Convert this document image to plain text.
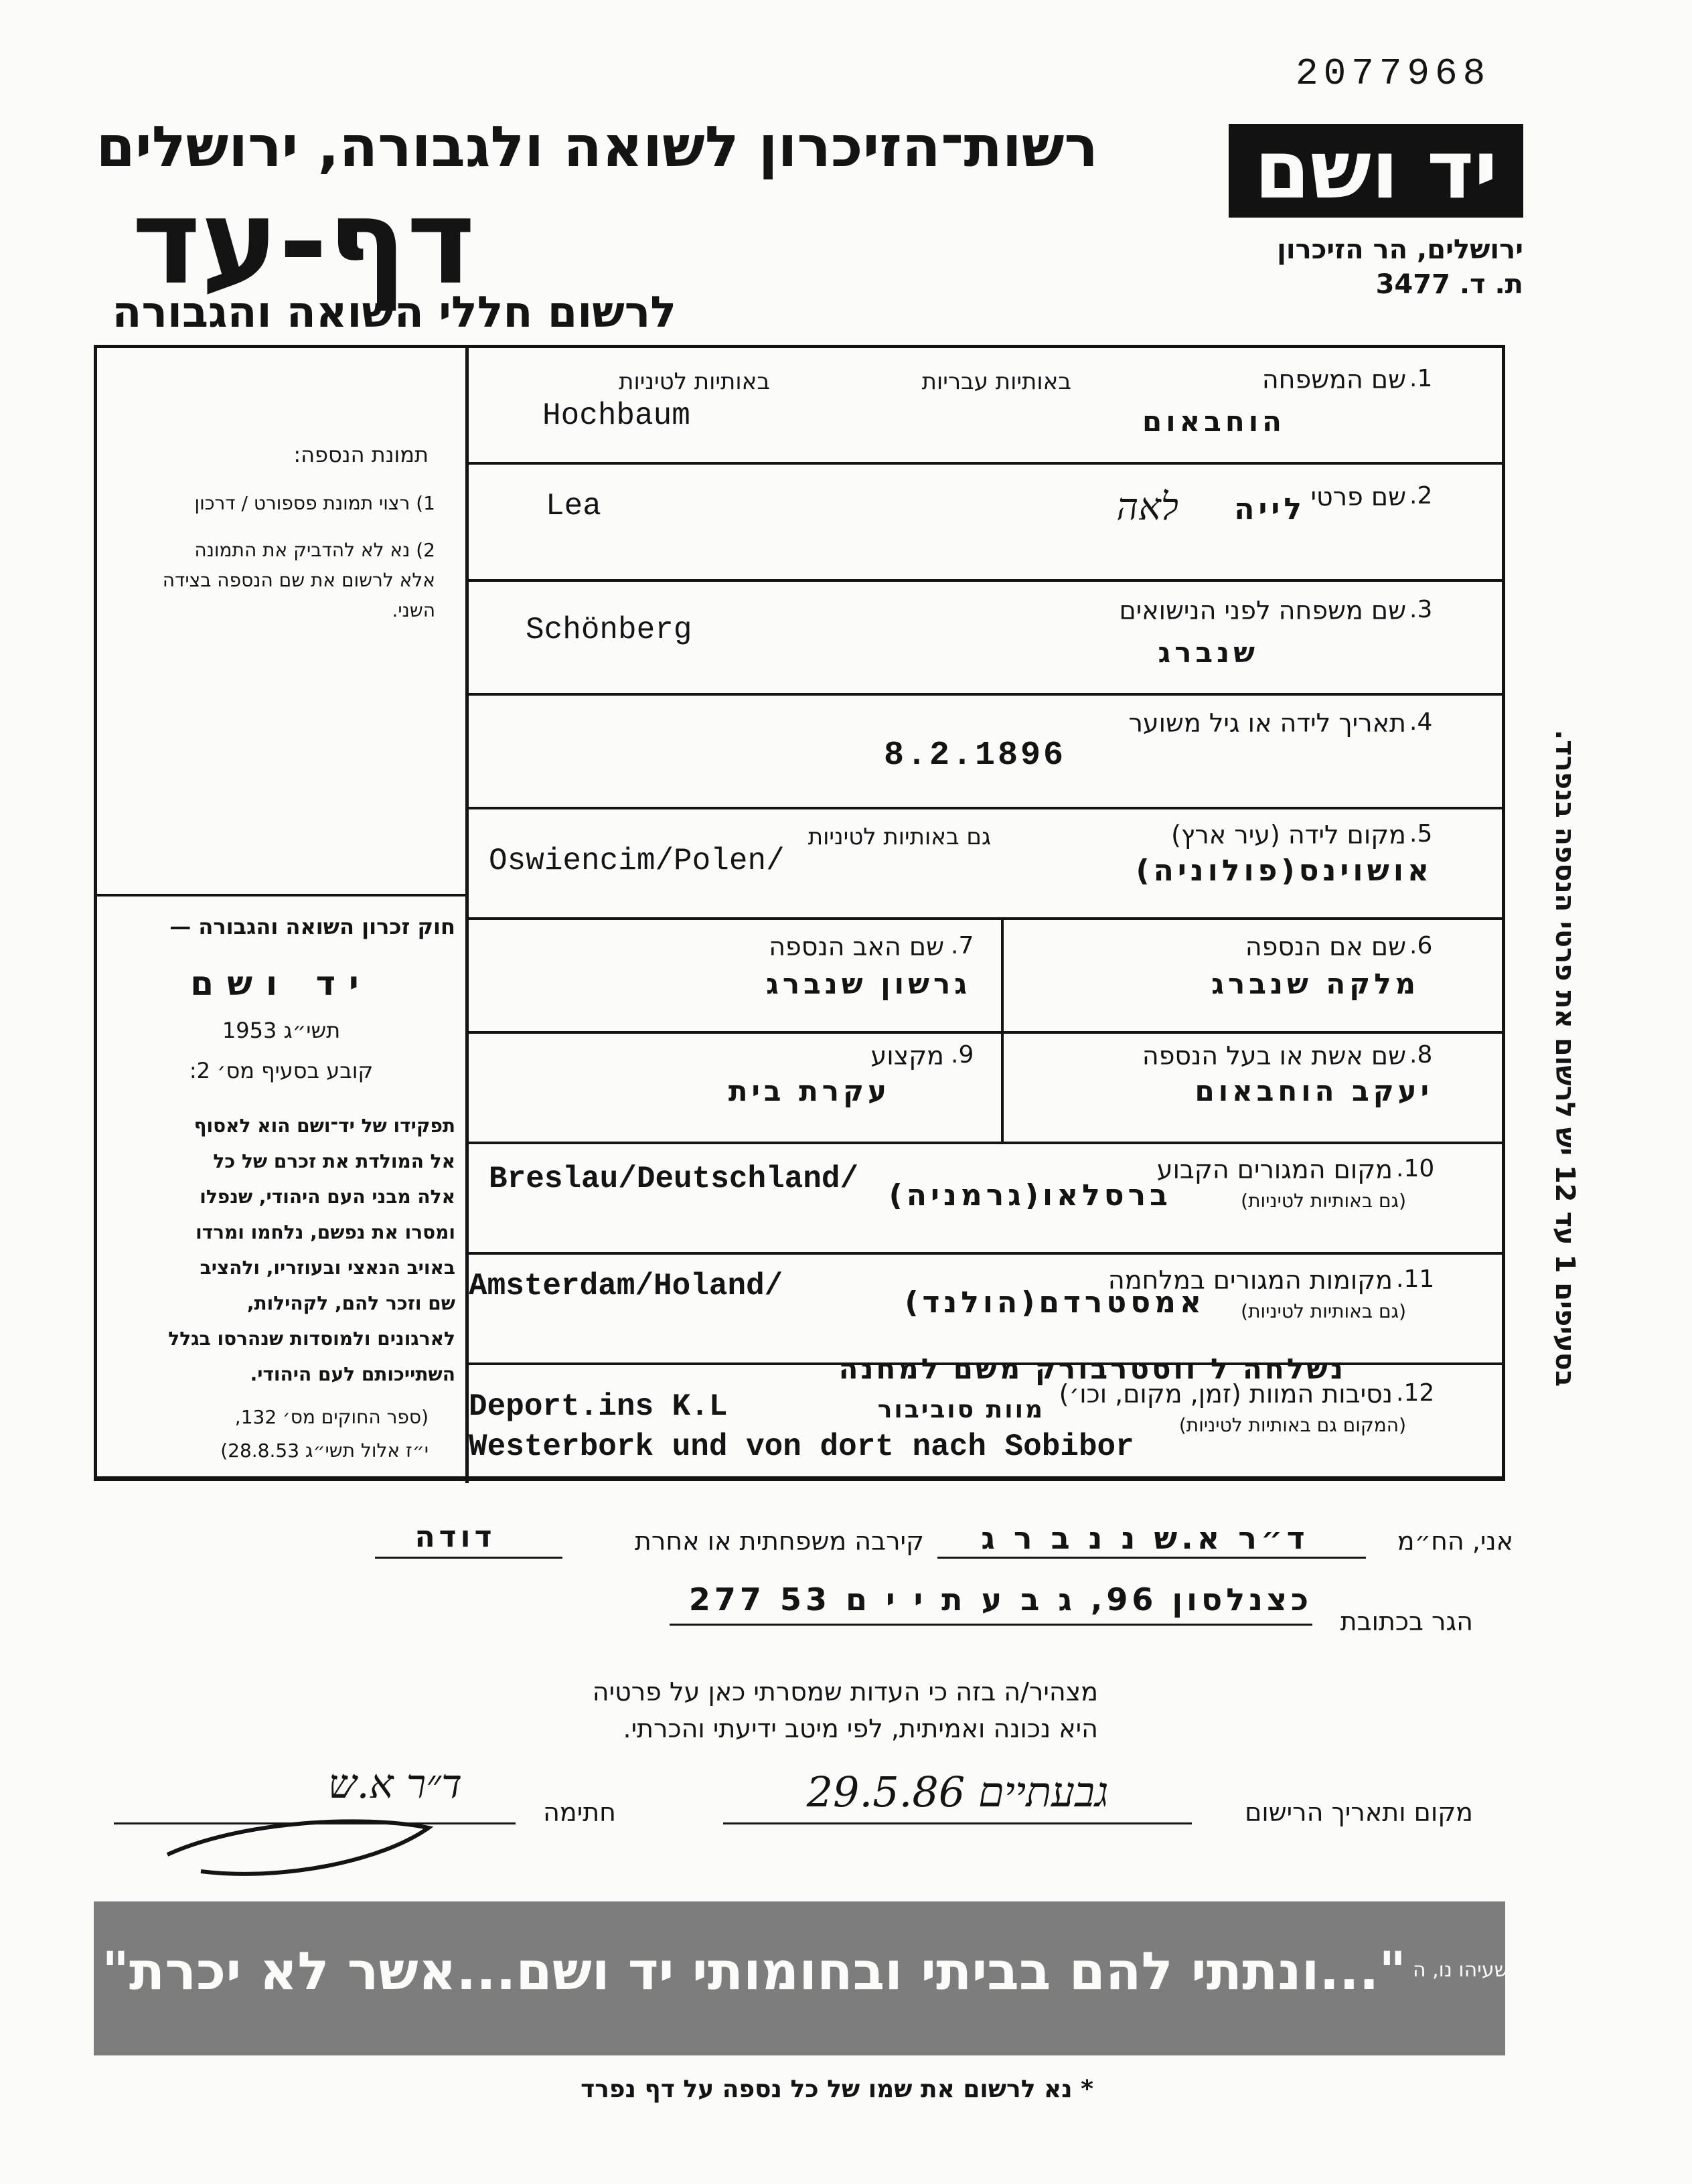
2077968
רשות־הזיכרון לשואה ולגבורה, ירושלים
דף-עד
לרשום חללי השואה והגבורה
יד ושם
ירושלים, הר הזיכרון
ת. ד. 3477
בסעיפים 1 עד 12 יש לרשום את פרטי הנספה בנפרד.
תמונת הנספה:
1) רצוי תמונת פספורט / דרכון
2) נא לא להדביק את התמונה
אלא לרשום את שם הנספה בצידה
השני.
חוק זכרון השואה והגבורה —
יד ושם
תשי״ג 1953
קובע בסעיף מס׳ 2:
תפקידו של יד־ושם הוא לאסוף
אל המולדת את זכרם של כל
אלה מבני העם היהודי, שנפלו
ומסרו את נפשם, נלחמו ומרדו
באויב הנאצי ובעוזריו, ולהציב
שם וזכר להם, לקהילות,
לארגונים ולמוסדות שנהרסו בגלל
השתייכותם לעם היהודי.
(ספר החוקים מס׳ 132,
י״ז אלול תשי״ג 28.8.53)
.1
שם המשפחה
באותיות עבריות
באותיות לטיניות
הוחבאום
Hochbaum
.2
שם פרטי
לייה
לאה
Lea
.3
שם משפחה לפני הנישואים
שנברג
Schönberg
.4
תאריך לידה או גיל משוער
8.2.1896
.5
מקום לידה (עיר ארץ)
גם באותיות לטיניות
אושוינס(פולוניה)
Oswiencim/Polen/
.6
שם אם הנספה
מלקה שנברג
.7
שם האב הנספה
גרשון שנברג
.8
שם אשת או בעל הנספה
יעקב הוחבאום
.9
מקצוע
עקרת בית
.10
מקום המגורים הקבוע
(גם באותיות לטיניות)
ברסלאו(גרמניה)
Breslau/Deutschland/
.11
מקומות המגורים במלחמה
(גם באותיות לטיניות)
אמסטרדם(הולנד)
Amsterdam/Holand/
.12
נסיבות המוות (זמן, מקום, וכו׳)
(המקום גם באותיות לטיניות)
נשלחה ל ווסטרבורק משם למחנה
מוות סוביבור
Deport.ins K.L
Westerbork und von dort nach Sobibor
אני, הח״מ
ד״ר א.ש נ נ ב ר ג
קירבה משפחתית או אחרת
דודה
הגר בכתובת
כצנלסון 96, ג ב ע ת י י ם 53 277
מצהיר/ה בזה כי העדות שמסרתי כאן על פרטיה
היא נכונה ואמיתית, לפי מיטב ידיעתי והכרתי.
מקום ותאריך הרישום
גבעתיים 29.5.86
חתימה
ד״ר א.ש
"...ונתתי להם בביתי ובחומותי יד ושם...אשר לא יכרת" ישעיהו נו, ה
* נא לרשום את שמו של כל נספה על דף נפרד
